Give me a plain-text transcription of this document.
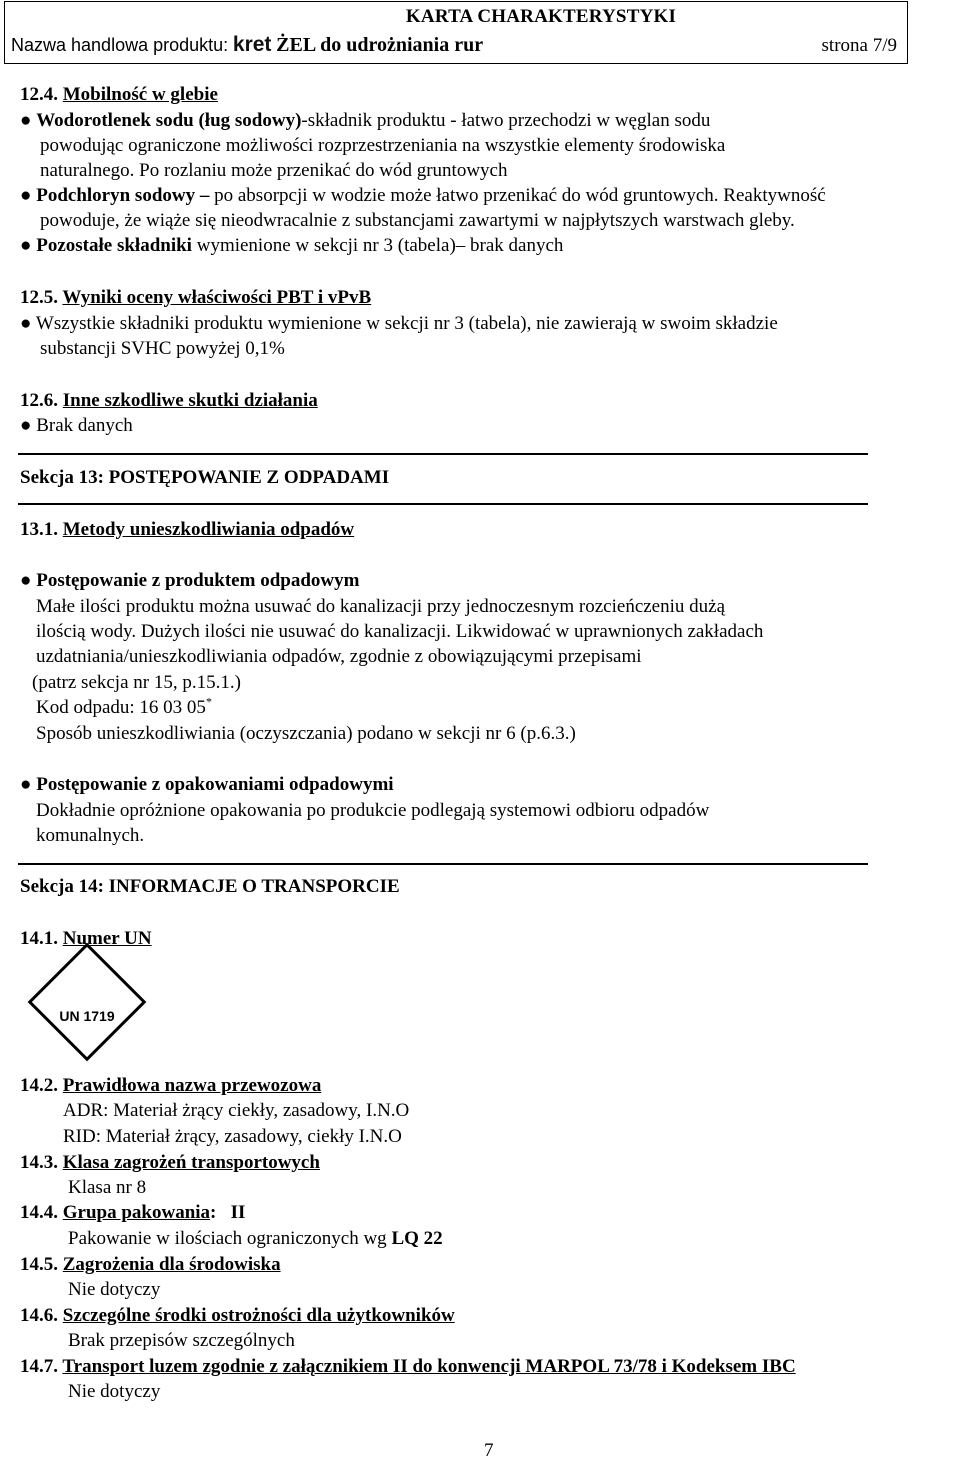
KARTA CHARAKTERYSTYKI
Nazwa handlowa produktu: kret ŻEL do udrożniania rur	strona 7/9
12.4. Mobilność w glebie
● Wodorotlenek sodu (ług sodowy)-składnik produktu - łatwo przechodzi w węglan sodu
powodując ograniczone możliwości rozprzestrzeniania na wszystkie elementy środowiska
naturalnego. Po rozlaniu może przenikać do wód gruntowych
● Podchloryn sodowy – po absorpcji w wodzie może łatwo przenikać do wód gruntowych. Reaktywność
powoduje, że wiąże się nieodwracalnie z substancjami zawartymi w najpłytszych warstwach gleby.
● Pozostałe składniki wymienione w sekcji nr 3 (tabela)– brak danych
12.5. Wyniki oceny właściwości PBT i vPvB
● Wszystkie składniki produktu wymienione w sekcji nr 3 (tabela), nie zawierają w swoim składzie
substancji SVHC powyżej 0,1%
12.6. Inne szkodliwe skutki działania
● Brak danych
Sekcja 13: POSTĘPOWANIE Z ODPADAMI
13.1. Metody unieszkodliwiania odpadów
● Postępowanie z produktem odpadowym
Małe ilości produktu można usuwać do kanalizacji przy jednoczesnym rozcieńczeniu dużą
ilością wody. Dużych ilości nie usuwać do kanalizacji. Likwidować w uprawnionych zakładach
uzdatniania/unieszkodliwiania odpadów, zgodnie z obowiązującymi przepisami
(patrz sekcja nr 15, p.15.1.)
Kod odpadu: 16 03 05*
Sposób unieszkodliwiania (oczyszczania) podano w sekcji nr 6 (p.6.3.)
● Postępowanie z opakowaniami odpadowymi
Dokładnie opróżnione opakowania po produkcie podlegają systemowi odbioru odpadów
komunalnych.
Sekcja 14: INFORMACJE O TRANSPORCIE
14.1. Numer UN
UN 1719
14.2. Prawidłowa nazwa przewozowa
ADR: Materiał żrący ciekły, zasadowy, I.N.O
RID: Materiał żrący, zasadowy, ciekły I.N.O
14.3. Klasa zagrożeń transportowych
Klasa nr 8
14.4. Grupa pakowania: II
Pakowanie w ilościach ograniczonych wg LQ 22
14.5. Zagrożenia dla środowiska
Nie dotyczy
14.6. Szczególne środki ostrożności dla użytkowników
Brak przepisów szczególnych
14.7. Transport luzem zgodnie z załącznikiem II do konwencji MARPOL 73/78 i Kodeksem IBC
Nie dotyczy
7
